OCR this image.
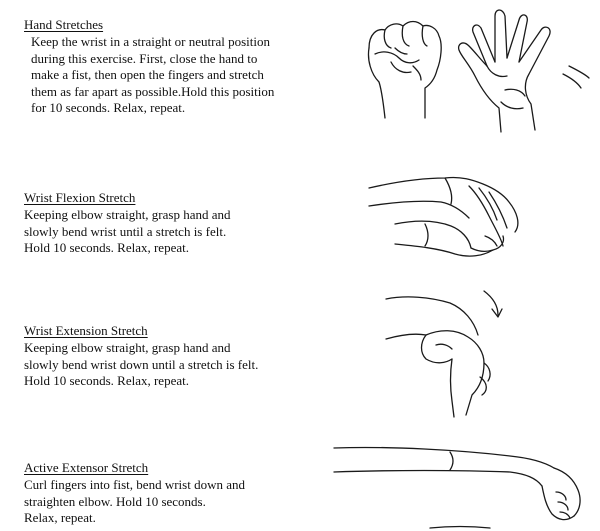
Hand Stretches
Keep the wrist in a straight or neutral position
during this exercise. First, close the hand to
make a fist, then open the fingers and stretch
them as far apart as possible.Hold this position
for 10 seconds. Relax, repeat.
Wrist Flexion Stretch
Keeping elbow straight, grasp hand and
slowly bend wrist until a stretch is felt.
Hold 10 seconds. Relax, repeat.
Wrist Extension Stretch
Keeping elbow straight, grasp hand and
slowly bend wrist down until a stretch is felt.
Hold 10 seconds. Relax, repeat.
Active Extensor Stretch
Curl fingers into fist, bend wrist down and
straighten elbow. Hold 10 seconds.
Relax, repeat.
